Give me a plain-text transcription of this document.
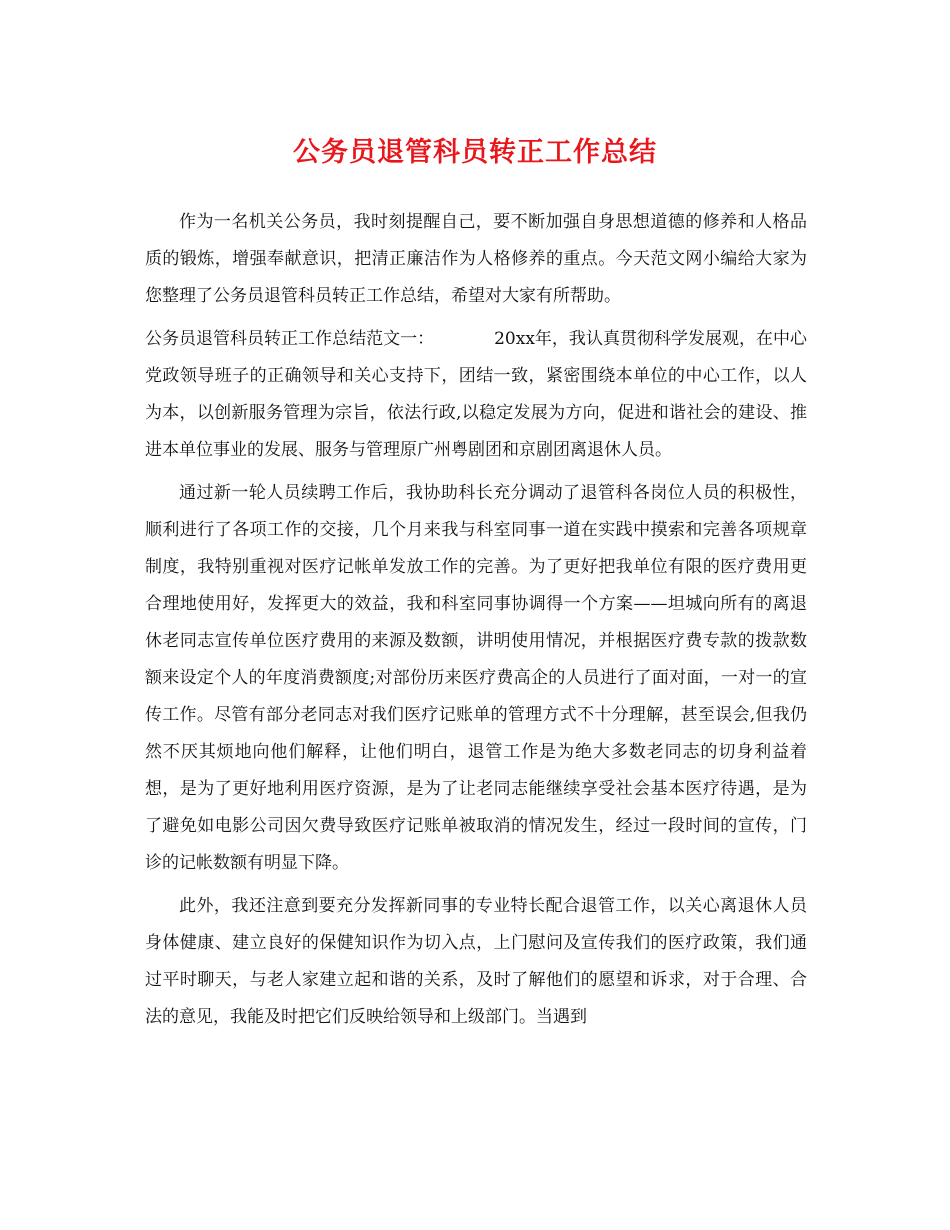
公务员退管科员转正工作总结

作为一名机关公务员，我时刻提醒自己，要不断加强自身思想道德的修养和人格品质的锻炼，增强奉献意识，把清正廉洁作为人格修养的重点。今天范文网小编给大家为您整理了公务员退管科员转正工作总结，希望对大家有所帮助。

公务员退管科员转正工作总结范文一：	20xx年，我认真贯彻科学发展观，在中心党政领导班子的正确领导和关心支持下，团结一致，紧密围绕本单位的中心工作，以人为本，以创新服务管理为宗旨，依法行政,以稳定发展为方向，促进和谐社会的建设、推进本单位事业的发展、服务与管理原广州粤剧团和京剧团离退休人员。

通过新一轮人员续聘工作后，我协助科长充分调动了退管科各岗位人员的积极性，顺利进行了各项工作的交接，几个月来我与科室同事一道在实践中摸索和完善各项规章制度，我特别重视对医疗记帐单发放工作的完善。为了更好把我单位有限的医疗费用更合理地使用好，发挥更大的效益，我和科室同事协调得一个方案——坦城向所有的离退休老同志宣传单位医疗费用的来源及数额，讲明使用情况，并根据医疗费专款的拨款数额来设定个人的年度消费额度;对部份历来医疗费高企的人员进行了面对面，一对一的宣传工作。尽管有部分老同志对我们医疗记账单的管理方式不十分理解，甚至误会,但我仍然不厌其烦地向他们解释，让他们明白，退管工作是为绝大多数老同志的切身利益着想，是为了更好地利用医疗资源，是为了让老同志能继续享受社会基本医疗待遇，是为了避免如电影公司因欠费导致医疗记账单被取消的情况发生，经过一段时间的宣传，门诊的记帐数额有明显下降。

此外，我还注意到要充分发挥新同事的专业特长配合退管工作，以关心离退休人员身体健康、建立良好的保健知识作为切入点，上门慰问及宣传我们的医疗政策，我们通过平时聊天，与老人家建立起和谐的关系，及时了解他们的愿望和诉求，对于合理、合法的意见，我能及时把它们反映给领导和上级部门。当遇到
